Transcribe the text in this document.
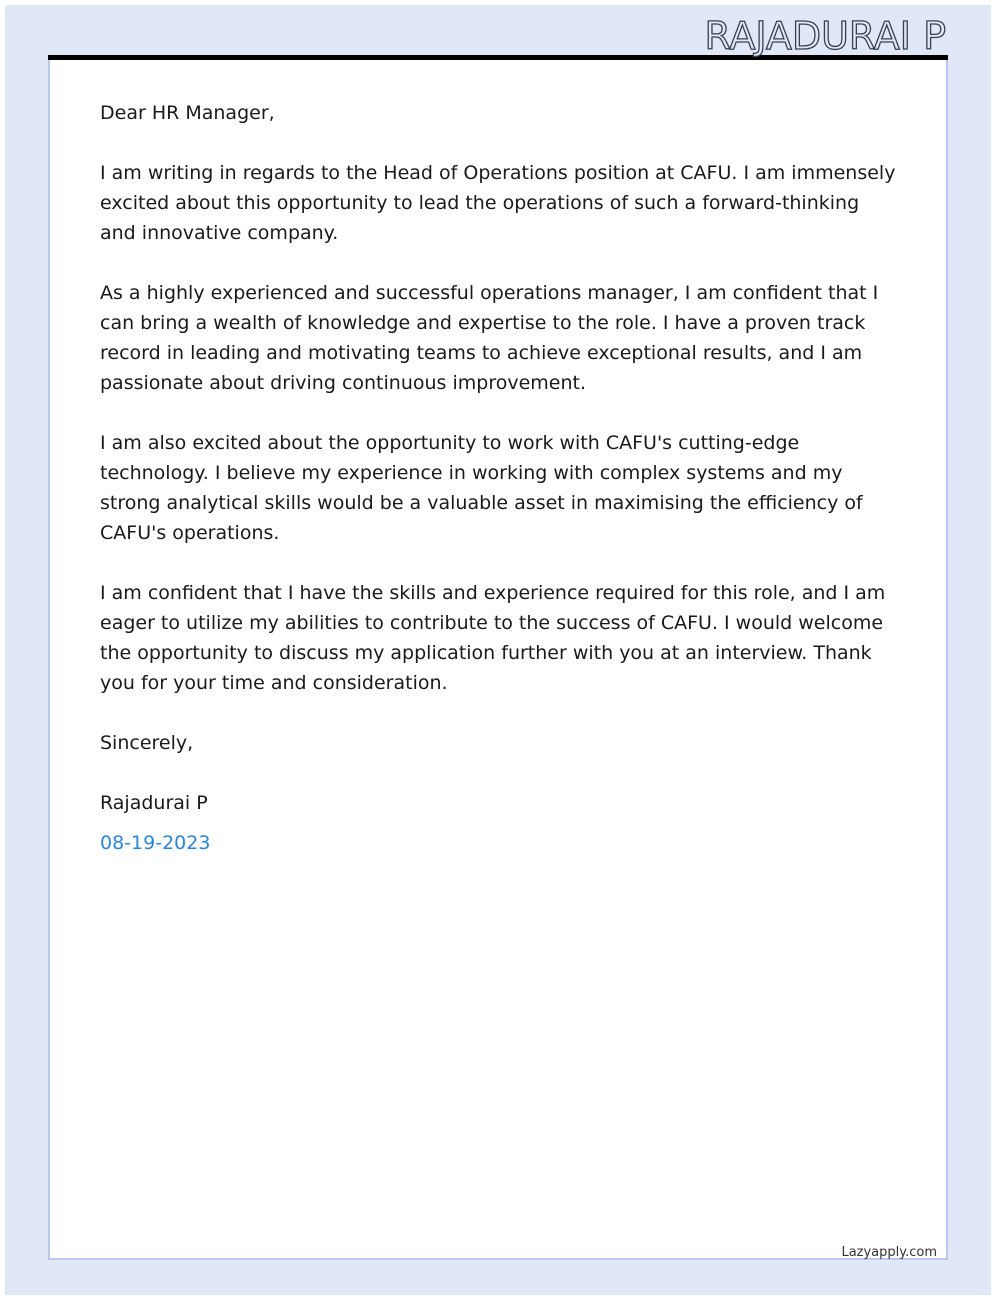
RAJADURAI P

Dear HR Manager,

I am writing in regards to the Head of Operations position at CAFU. I am immensely excited about this opportunity to lead the operations of such a forward-thinking and innovative company.

As a highly experienced and successful operations manager, I am confident that I can bring a wealth of knowledge and expertise to the role. I have a proven track record in leading and motivating teams to achieve exceptional results, and I am passionate about driving continuous improvement.

I am also excited about the opportunity to work with CAFU's cutting-edge technology. I believe my experience in working with complex systems and my strong analytical skills would be a valuable asset in maximising the efficiency of CAFU's operations.

I am confident that I have the skills and experience required for this role, and I am eager to utilize my abilities to contribute to the success of CAFU. I would welcome the opportunity to discuss my application further with you at an interview. Thank you for your time and consideration.

Sincerely,

Rajadurai P

08-19-2023

Lazyapply.com
